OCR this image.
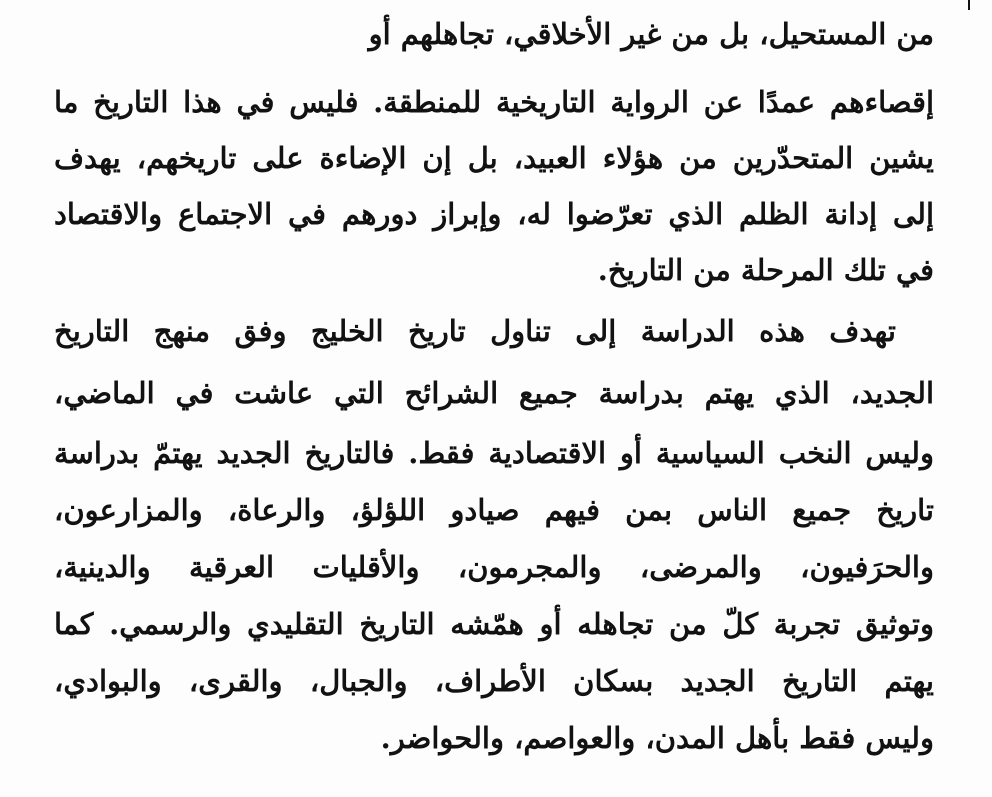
من المستحيل، بل من غير الأخلاقي، تجاهلهم أو
إقصاءهم عمدًا عن الرواية التاريخية للمنطقة. فليس في هذا التاريخ ما
يشين المتحدّرين من هؤلاء العبيد، بل إن الإضاءة على تاريخهم، يهدف
إلى إدانة الظلم الذي تعرّضوا له، وإبراز دورهم في الاجتماع والاقتصاد
في تلك المرحلة من التاريخ.
تهدف هذه الدراسة إلى تناول تاريخ الخليج وفق منهج التاريخ
الجديد، الذي يهتم بدراسة جميع الشرائح التي عاشت في الماضي،
وليس النخب السياسية أو الاقتصادية فقط. فالتاريخ الجديد يهتمّ بدراسة
تاريخ جميع الناس بمن فيهم صيادو اللؤلؤ، والرعاة، والمزارعون،
والحرَفيون، والمرضى، والمجرمون، والأقليات العرقية والدينية،
وتوثيق تجربة كلّ من تجاهله أو همّشه التاريخ التقليدي والرسمي. كما
يهتم التاريخ الجديد بسكان الأطراف، والجبال، والقرى، والبوادي،
وليس فقط بأهل المدن، والعواصم، والحواضر.
